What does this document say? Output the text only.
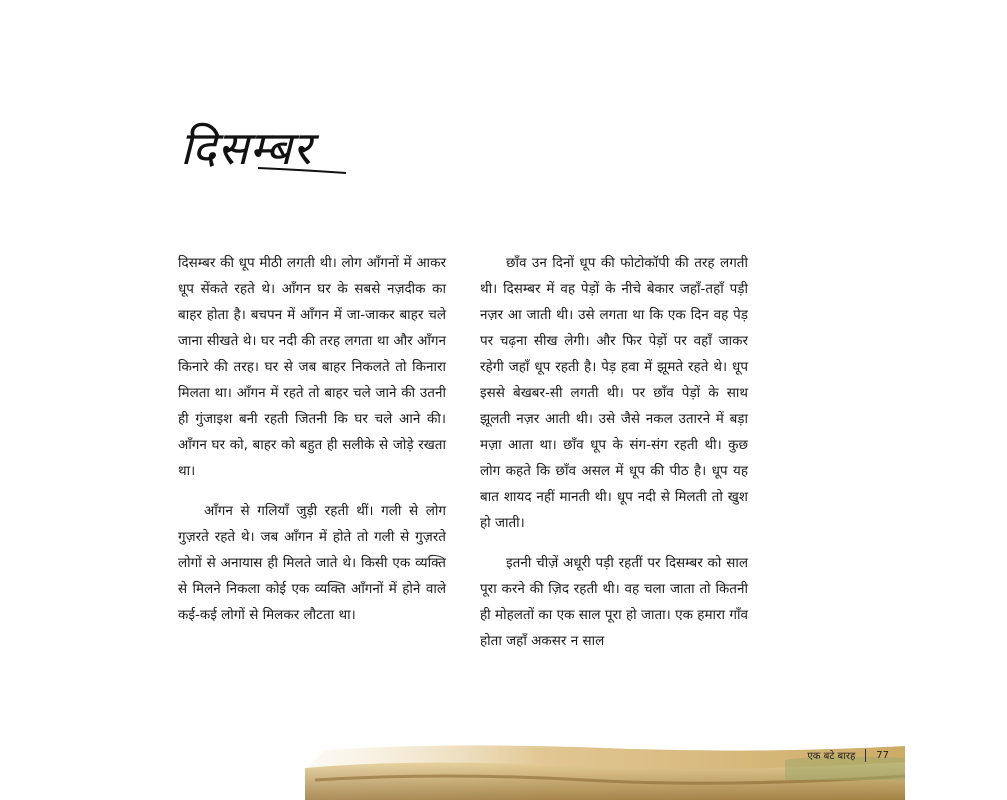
दिसम्बर

दिसम्बर की धूप मीठी लगती थी। लोग आँगनों में आकर धूप सेंकते रहते थे। आँगन घर के सबसे नज़दीक का बाहर होता है। बचपन में आँगन में जा-जाकर बाहर चले जाना सीखते थे। घर नदी की तरह लगता था और आँगन किनारे की तरह। घर से जब बाहर निकलते तो किनारा मिलता था। आँगन में रहते तो बाहर चले जाने की उतनी ही गुंजाइश बनी रहती जितनी कि घर चले आने की। आँगन घर को, बाहर को बहुत ही सलीके से जोड़े रखता था।

आँगन से गलियाँ जुड़ी रहती थीं। गली से लोग गुज़रते रहते थे। जब आँगन में होते तो गली से गुज़रते लोगों से अनायास ही मिलते जाते थे। किसी एक व्यक्ति से मिलने निकला कोई एक व्यक्ति आँगनों में होने वाले कई-कई लोगों से मिलकर लौटता था।

छाँव उन दिनों धूप की फोटोकॉपी की तरह लगती थी। दिसम्बर में वह पेड़ों के नीचे बेकार जहाँ-तहाँ पड़ी नज़र आ जाती थी। उसे लगता था कि एक दिन वह पेड़ पर चढ़ना सीख लेगी। और फिर पेड़ों पर वहाँ जाकर रहेगी जहाँ धूप रहती है। पेड़ हवा में झूमते रहते थे। धूप इससे बेखबर-सी लगती थी। पर छाँव पेड़ों के साथ झूलती नज़र आती थी। उसे जैसे नकल उतारने में बड़ा मज़ा आता था। छाँव धूप के संग-संग रहती थी। कुछ लोग कहते कि छाँव असल में धूप की पीठ है। धूप यह बात शायद नहीं मानती थी। धूप नदी से मिलती तो खुश हो जाती।

इतनी चीज़ें अधूरी पड़ी रहतीं पर दिसम्बर को साल पूरा करने की ज़िद रहती थी। वह चला जाता तो कितनी ही मोहलतों का एक साल पूरा हो जाता। एक हमारा गाँव होता जहाँ अकसर न साल

एक बटे बारह 77
